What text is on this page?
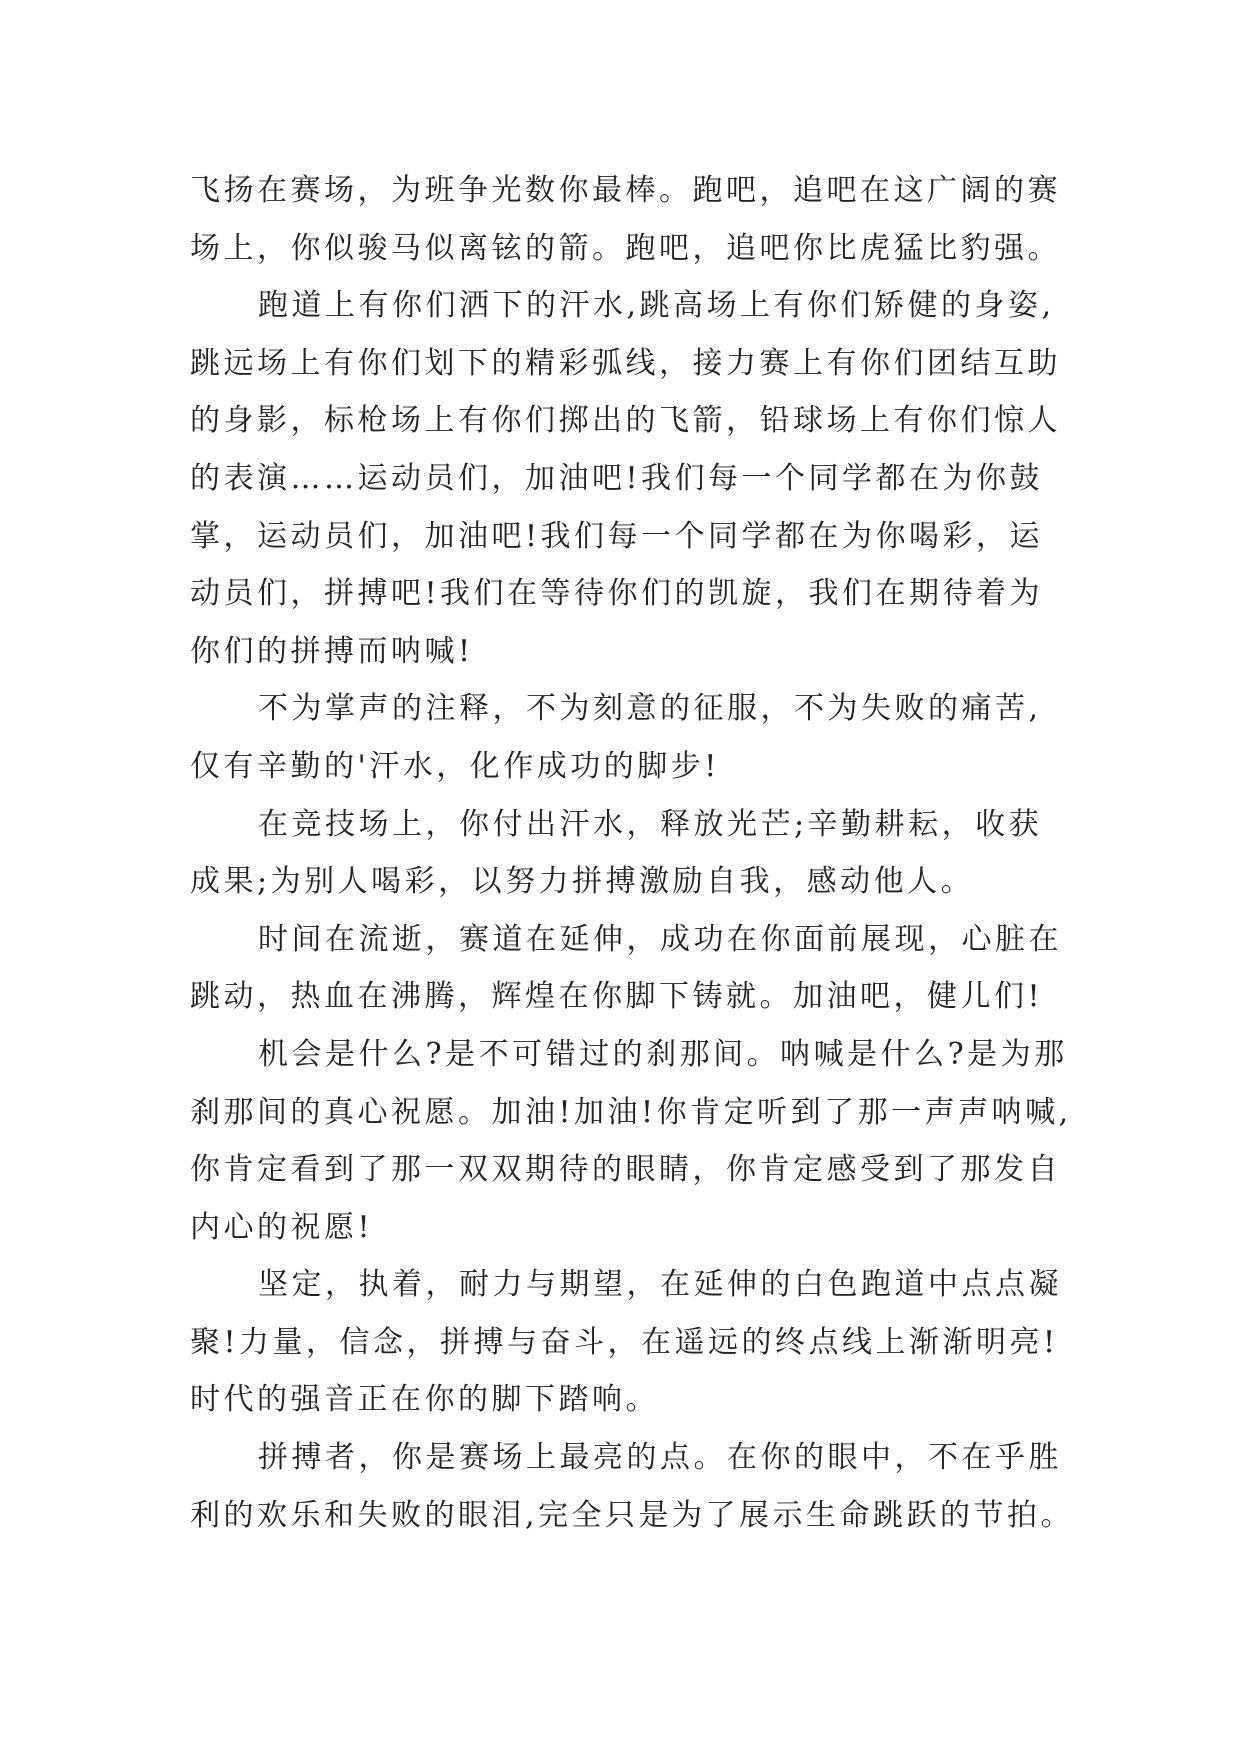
飞扬在赛场，为班争光数你最棒。跑吧，追吧在这广阔的赛
场上，你似骏马似离铉的箭。跑吧，追吧你比虎猛比豹强。
跑道上有你们洒下的汗水,跳高场上有你们矫健的身姿,
跳远场上有你们划下的精彩弧线，接力赛上有你们团结互助
的身影，标枪场上有你们掷出的飞箭，铅球场上有你们惊人
的表演……运动员们，加油吧!我们每一个同学都在为你鼓
掌，运动员们，加油吧!我们每一个同学都在为你喝彩，运
动员们，拼搏吧!我们在等待你们的凯旋，我们在期待着为
你们的拼搏而呐喊!
不为掌声的注释，不为刻意的征服，不为失败的痛苦,
仅有辛勤的'汗水，化作成功的脚步!
在竞技场上，你付出汗水，释放光芒;辛勤耕耘，收获
成果;为别人喝彩，以努力拼搏激励自我，感动他人。
时间在流逝，赛道在延伸，成功在你面前展现，心脏在
跳动，热血在沸腾，辉煌在你脚下铸就。加油吧，健儿们!
机会是什么?是不可错过的刹那间。呐喊是什么?是为那
刹那间的真心祝愿。加油!加油!你肯定听到了那一声声呐喊,
你肯定看到了那一双双期待的眼睛，你肯定感受到了那发自
内心的祝愿!
坚定，执着，耐力与期望，在延伸的白色跑道中点点凝
聚!力量，信念，拼搏与奋斗，在遥远的终点线上渐渐明亮!
时代的强音正在你的脚下踏响。
拼搏者，你是赛场上最亮的点。在你的眼中，不在乎胜
利的欢乐和失败的眼泪,完全只是为了展示生命跳跃的节拍。
